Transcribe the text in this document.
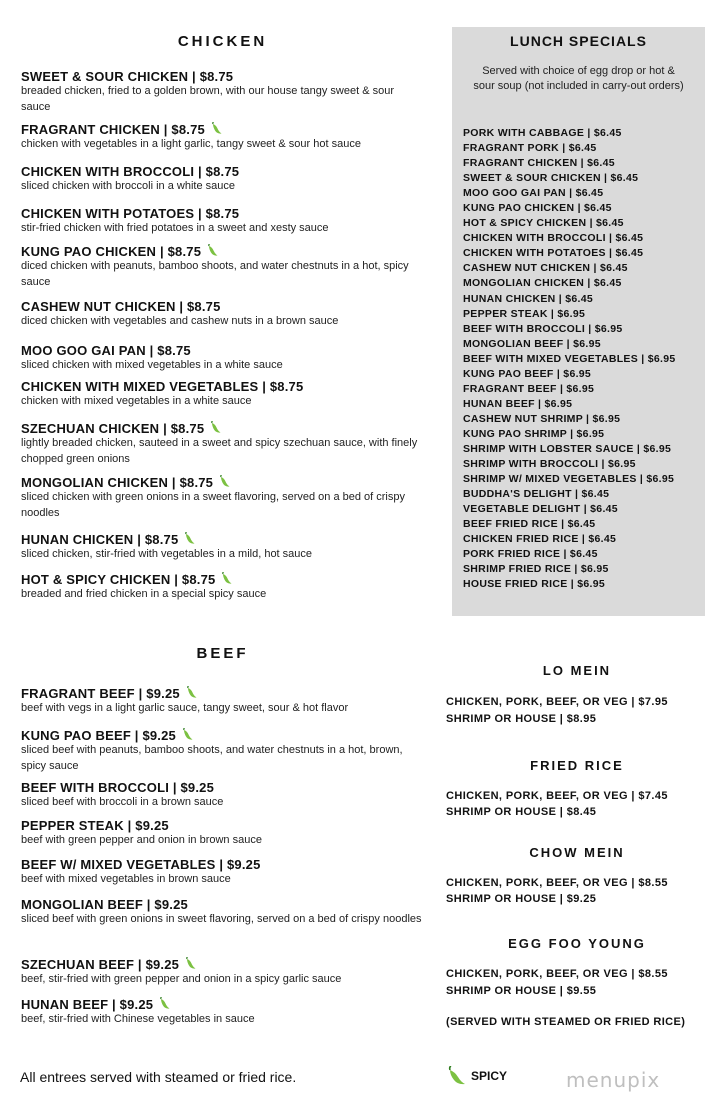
CHICKEN
SWEET & SOUR CHICKEN | $8.75
breaded chicken, fried to a golden brown, with our house tangy sweet & sour sauce
FRAGRANT CHICKEN | $8.75
chicken with vegetables in a light garlic, tangy sweet & sour hot sauce
CHICKEN WITH BROCCOLI | $8.75
sliced chicken with broccoli in a white sauce
CHICKEN WITH POTATOES | $8.75
stir-fried chicken with fried potatoes in a sweet and xesty sauce
KUNG PAO CHICKEN | $8.75
diced chicken with peanuts, bamboo shoots, and water chestnuts in a hot, spicy sauce
CASHEW NUT CHICKEN | $8.75
diced chicken with vegetables and cashew nuts in a brown sauce
MOO GOO GAI PAN | $8.75
sliced chicken with mixed vegetables in a white sauce
CHICKEN WITH MIXED VEGETABLES | $8.75
chicken with mixed vegetables in a white sauce
SZECHUAN CHICKEN | $8.75
lightly breaded chicken, sauteed in a sweet and spicy szechuan sauce, with finely chopped green onions
MONGOLIAN CHICKEN | $8.75
sliced chicken with green onions in a sweet flavoring, served on a bed of crispy noodles
HUNAN CHICKEN | $8.75
sliced chicken, stir-fried with vegetables in a mild, hot sauce
HOT & SPICY CHICKEN | $8.75
breaded and fried chicken in a special spicy sauce
LUNCH SPECIALS
Served with choice of egg drop or hot & sour soup (not included in carry-out orders)
PORK WITH CABBAGE | $6.45
FRAGRANT PORK | $6.45
FRAGRANT CHICKEN | $6.45
SWEET & SOUR CHICKEN | $6.45
MOO GOO GAI PAN | $6.45
KUNG PAO CHICKEN | $6.45
HOT & SPICY CHICKEN | $6.45
CHICKEN WITH BROCCOLI | $6.45
CHICKEN WITH POTATOES | $6.45
CASHEW NUT CHICKEN | $6.45
MONGOLIAN CHICKEN | $6.45
HUNAN CHICKEN | $6.45
PEPPER STEAK | $6.95
BEEF WITH BROCCOLI | $6.95
MONGOLIAN BEEF | $6.95
BEEF WITH MIXED VEGETABLES | $6.95
KUNG PAO BEEF | $6.95
FRAGRANT BEEF | $6.95
HUNAN BEEF | $6.95
CASHEW NUT SHRIMP | $6.95
KUNG PAO SHRIMP | $6.95
SHRIMP WITH LOBSTER SAUCE | $6.95
SHRIMP WITH BROCCOLI | $6.95
SHRIMP W/ MIXED VEGETABLES | $6.95
BUDDHA'S DELIGHT | $6.45
VEGETABLE DELIGHT | $6.45
BEEF FRIED RICE | $6.45
CHICKEN FRIED RICE | $6.45
PORK FRIED RICE | $6.45
SHRIMP FRIED RICE | $6.95
HOUSE FRIED RICE | $6.95
BEEF
FRAGRANT BEEF | $9.25
beef with vegs in a light garlic sauce, tangy sweet, sour & hot flavor
KUNG PAO BEEF | $9.25
sliced beef with peanuts, bamboo shoots, and water chestnuts in a hot, brown, spicy sauce
BEEF WITH BROCCOLI | $9.25
sliced beef with broccoli in a brown sauce
PEPPER STEAK | $9.25
beef with green pepper and onion in brown sauce
BEEF W/ MIXED VEGETABLES | $9.25
beef with mixed vegetables in brown sauce
MONGOLIAN BEEF | $9.25
sliced beef with green onions in sweet flavoring, served on a bed of crispy noodles
SZECHUAN BEEF | $9.25
beef, stir-fried with green pepper and onion in a spicy garlic sauce
HUNAN BEEF | $9.25
beef, stir-fried with Chinese vegetables in sauce
LO MEIN
CHICKEN, PORK, BEEF, OR VEG | $7.95
SHRIMP OR HOUSE | $8.95
FRIED RICE
CHICKEN, PORK, BEEF, OR VEG | $7.45
SHRIMP OR HOUSE | $8.45
CHOW MEIN
CHICKEN, PORK, BEEF, OR VEG | $8.55
SHRIMP OR HOUSE | $9.25
EGG FOO YOUNG
CHICKEN, PORK, BEEF, OR VEG | $8.55
SHRIMP OR HOUSE | $9.55
(SERVED WITH STEAMED OR FRIED RICE)
All entrees served with steamed or fried rice.	SPICY	menupix
